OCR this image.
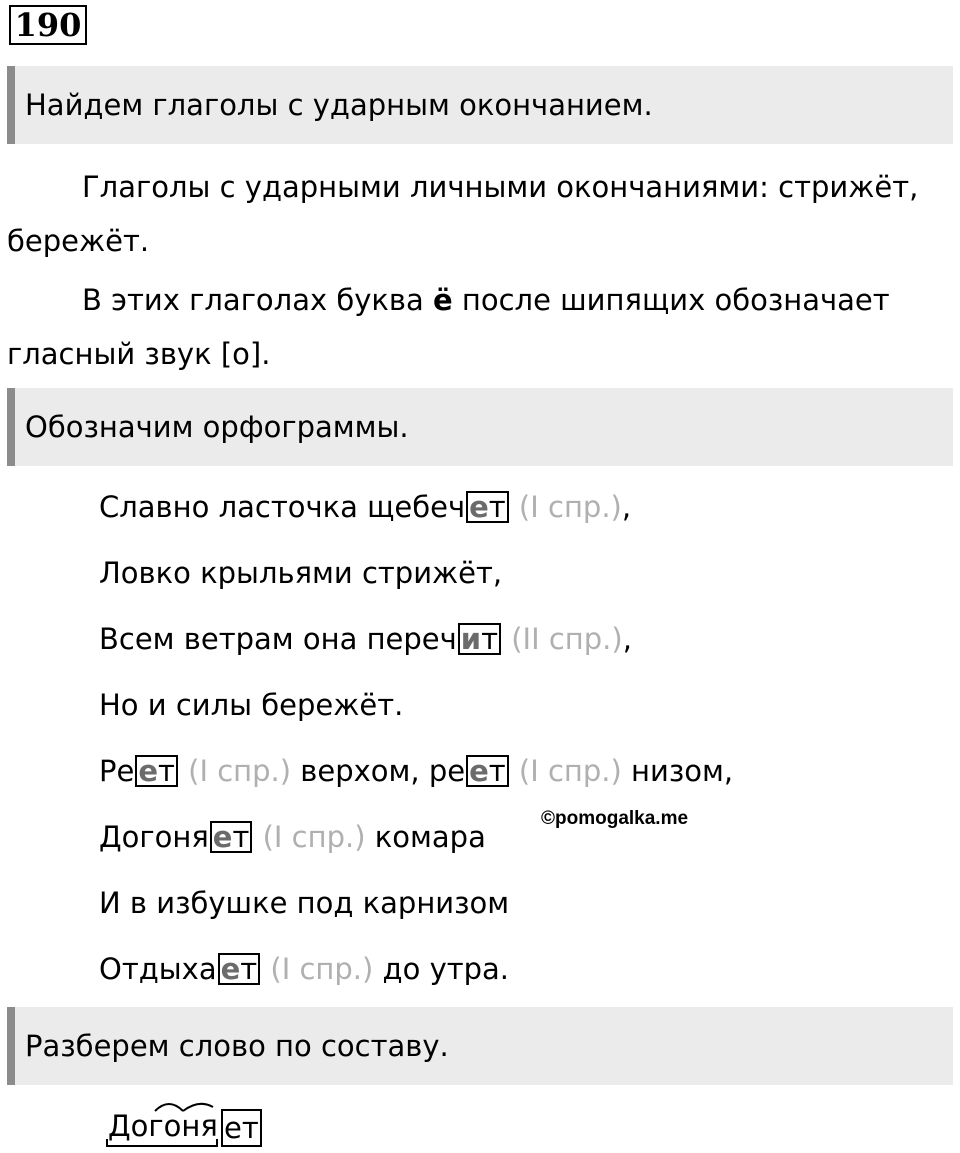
190
Найдем глаголы с ударным окончанием.

Глаголы с ударными личными окончаниями: стрижёт, бережёт.

В этих глаголах буква ё после шипящих обозначает гласный звук [о].

Обозначим орфограммы.
Славно ласточка щебеч ет (I спр.),
Ловко крыльями стрижёт,
Всем ветрам она переч ит (II спр.),
Но и силы бережёт.
Ре ет (I спр.) верхом, ре ет (I спр.) низом,
Догоня ет (I спр.) комара
И в избушке под карнизом
Отдыха ет (I спр.) до утра.
©pomogalka.me
Разберем слово по составу.
Догоня ет
